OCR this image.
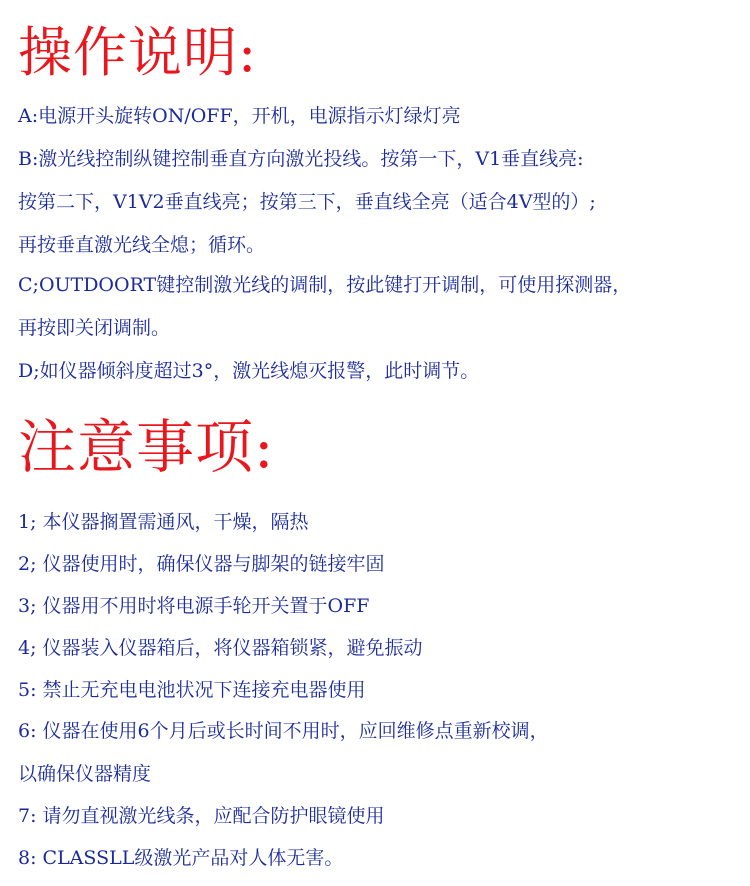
操作说明:

A:电源开头旋转ON/OFF，开机，电源指示灯绿灯亮

B:激光线控制纵键控制垂直方向激光投线。按第一下，V1垂直线亮:

按第二下，V1V2垂直线亮；按第三下，垂直线全亮（适合4V型的）;

再按垂直激光线全熄；循环。

C;OUTDOORT键控制激光线的调制，按此键打开调制，可使用探测器，

再按即关闭调制。

D;如仪器倾斜度超过3°，激光线熄灭报警，此时调节。

注意事项:

1; 本仪器搁置需通风，干燥，隔热

2; 仪器使用时，确保仪器与脚架的链接牢固

3; 仪器用不用时将电源手轮开关置于OFF

4; 仪器装入仪器箱后，将仪器箱锁紧，避免振动

5: 禁止无充电电池状况下连接充电器使用

6: 仪器在使用6个月后或长时间不用时，应回维修点重新校调，

以确保仪器精度

7: 请勿直视激光线条，应配合防护眼镜使用

8: CLASSLL级激光产品对人体无害。
